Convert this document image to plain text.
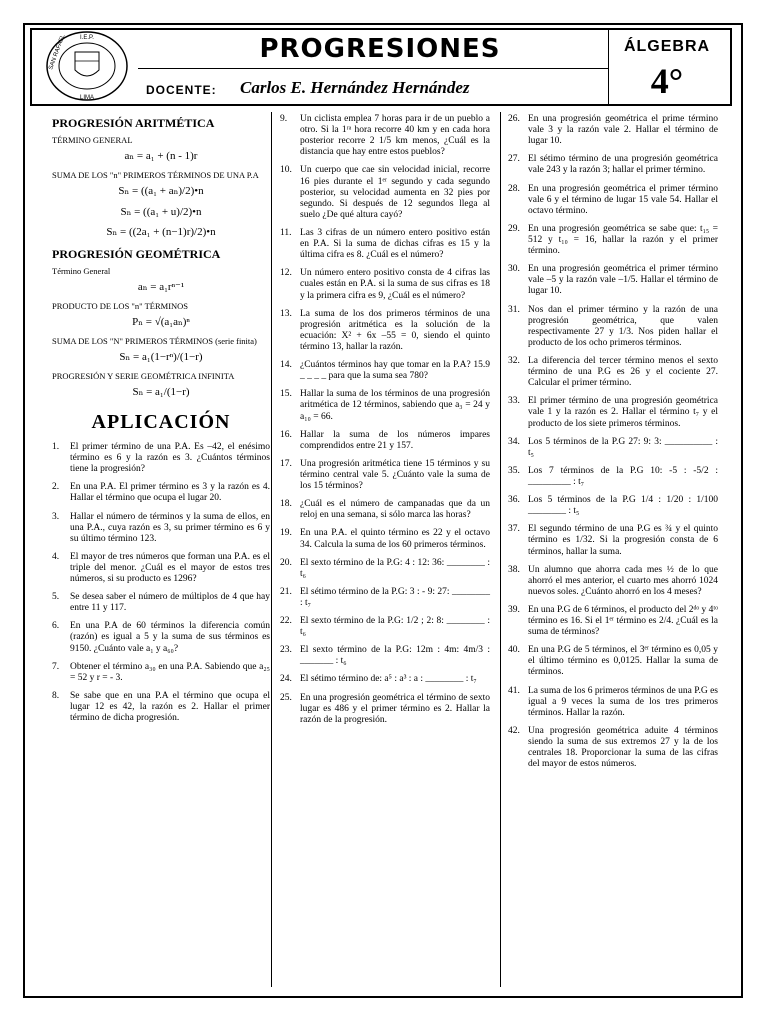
I.E.P.
SAN RAFAEL
LIMA
PROGRESIONES
DOCENTE: Carlos E. Hernández Hernández
ÁLGEBRA
4°
PROGRESIÓN ARITMÉTICA
TÉRMINO GENERAL
aₙ = a₁ + (n - 1)r
SUMA DE LOS "n" PRIMEROS TÉRMINOS DE UNA P.A
Sₙ = ((a₁ + aₙ)/2)•n
Sₙ = ((a₁ + u)/2)•n
Sₙ = ((2a₁ + (n−1)r)/2)•n
PROGRESIÓN GEOMÉTRICA
Término General
aₙ = a₁rⁿ⁻¹
PRODUCTO DE LOS "n" TÉRMINOS
Pₙ = √(a₁aₙ)ⁿ
SUMA DE LOS "N" PRIMEROS TÉRMINOS (serie finita)
Sₙ = a₁(1−rⁿ)/(1−r)
PROGRESIÓN Y SERIE GEOMÉTRICA INFINITA
Sₙ = a₁/(1−r)
APLICACIÓN
1.	El primer término de una P.A. Es –42, el enésimo término es 6 y la razón es 3. ¿Cuántos términos tiene la progresión?
2.	En una P.A. El primer término es 3 y la razón es 4. Hallar el término que ocupa el lugar 20.
3.	Hallar el número de términos y la suma de ellos, en una P.A., cuya razón es 3, su primer término es 6 y su último término 123.
4.	El mayor de tres números que forman una P.A. es el triple del menor. ¿Cuál es el mayor de estos tres números, si su producto es 1296?
5.	Se desea saber el número de múltiplos de 4 que hay entre 11 y 117.
6.	En una P.A de 60 términos la diferencia común (razón) es igual a 5 y la suma de sus términos es 9150. ¿Cuánto vale a₁ y a₆₀?
7.	Obtener el término a₃₀ en una P.A. Sabiendo que a₂₅ = 52 y r = - 3.
8.	Se sabe que en una P.A el término que ocupa el lugar 12 es 42, la razón es 2. Hallar el primer término de dicha progresión.
9.	Un ciclista emplea 7 horas para ir de un pueblo a otro. Si la 1ʳᵃ hora recorre 40 km y en cada hora posterior recorre 2 1/5 km menos, ¿Cuál es la distancia que hay entre estos pueblos?
10. Un cuerpo que cae sin velocidad inicial, recorre 16 pies durante el 1ᵉʳ segundo y cada segundo posterior, su velocidad aumenta en 32 pies por segundo. Si después de 12 segundos llega al suelo ¿De qué altura cayó?
11. Las 3 cifras de un número entero positivo están en P.A. Si la suma de dichas cifras es 15 y la última cifra es 8. ¿Cuál es el número?
12. Un número entero positivo consta de 4 cifras las cuales están en P.A. si la suma de sus cifras es 18 y la primera cifra es 9, ¿Cuál es el número?
13. La suma de los dos primeros términos de una progresión aritmética es la solución de la ecuación: X² + 6x –55 = 0, siendo el quinto término 13, hallar la razón.
14. ¿Cuántos términos hay que tomar en la P.A? 15.9 _ _ _ _ para que la suma sea 780?
15. Hallar la suma de los términos de una progresión aritmética de 12 términos, sabiendo que a₃ = 24 y a₁₀ = 66.
16. Hallar la suma de los números impares comprendidos entre 21 y 157.
17. Una progresión aritmética tiene 15 términos y su término central vale 5. ¿Cuánto vale la suma de los 15 términos?
18. ¿Cuál es el número de campanadas que da un reloj en una semana, si sólo marca las horas?
19. En una P.A. el quinto término es 22 y el octavo 34. Calcula la suma de los 60 primeros términos.
20. El sexto término de la P.G: 4 : 12: 36: ________ : t₆
21. El sétimo término de la P.G: 3 : - 9: 27: ________ : t₇
22. El sexto término de la P.G: 1/2 ; 2: 8: ________ : t₆
23. El sexto término de la P.G: 12m : 4m: 4m/3 : _______ : t₆
24. El sétimo término de: a⁵ : a³ : a : ________ : t₇
25. En una progresión geométrica el término de sexto lugar es 486 y el primer término es 2. Hallar la razón de la progresión.
26. En una progresión geométrica el prime término vale 3 y la razón vale 2. Hallar el término de lugar 10.
27. El sétimo término de una progresión geométrica vale 243 y la razón 3; hallar el primer término.
28. En una progresión geométrica el primer término vale 6 y el término de lugar 15 vale 54. Hallar el octavo término.
29. En una progresión geométrica se sabe que: t₁₅ = 512 y t₁₀ = 16, hallar la razón y el primer término.
30. En una progresión geométrica el primer término vale –5 y la razón vale –1/5. Hallar el término de lugar 10.
31. Nos dan el primer término y la razón de una progresión geométrica, que valen respectivamente 27 y 1/3. Nos piden hallar el producto de los ocho primeros términos.
32. La diferencia del tercer término menos el sexto término de una P.G es 26 y el cociente 27. Calcular el primer término.
33. El primer término de una progresión geométrica vale 1 y la razón es 2. Hallar el término t₇ y el producto de los siete primeros términos.
34. Los 5 términos de la P.G 27: 9: 3: __________ : t₅
35. Los 7 términos de la P.G 10: -5 : -5/2 : _________ : t₇
36. Los 5 términos de la P.G 1/4 : 1/20 : 1/100 ________ : t₅
37. El segundo término de una P.G es ¾ y el quinto término es 1/32. Si la progresión consta de 6 términos, hallar la suma.
38. Un alumno que ahorra cada mes ½ de lo que ahorró el mes anterior, el cuarto mes ahorró 1024 nuevos soles. ¿Cuánto ahorró en los 4 meses?
39. En una P.G de 6 términos, el producto del 2ᵈᵒ y 4ᵗᵒ término es 16. Si el 1ᵉʳ término es 2/4. ¿Cuál es la suma de términos?
40. En una P.G de 5 términos, el 3ᵉʳ término es 0,05 y el último término es 0,0125. Hallar la suma de términos.
41. La suma de los 6 primeros términos de una P.G es igual a 9 veces la suma de los tres primeros términos. Hallar la razón.
42. Una progresión geométrica aduite 4 términos siendo la suma de sus extremos 27 y la de los centrales 18. Proporcionar la suma de las cifras del mayor de estos números.
